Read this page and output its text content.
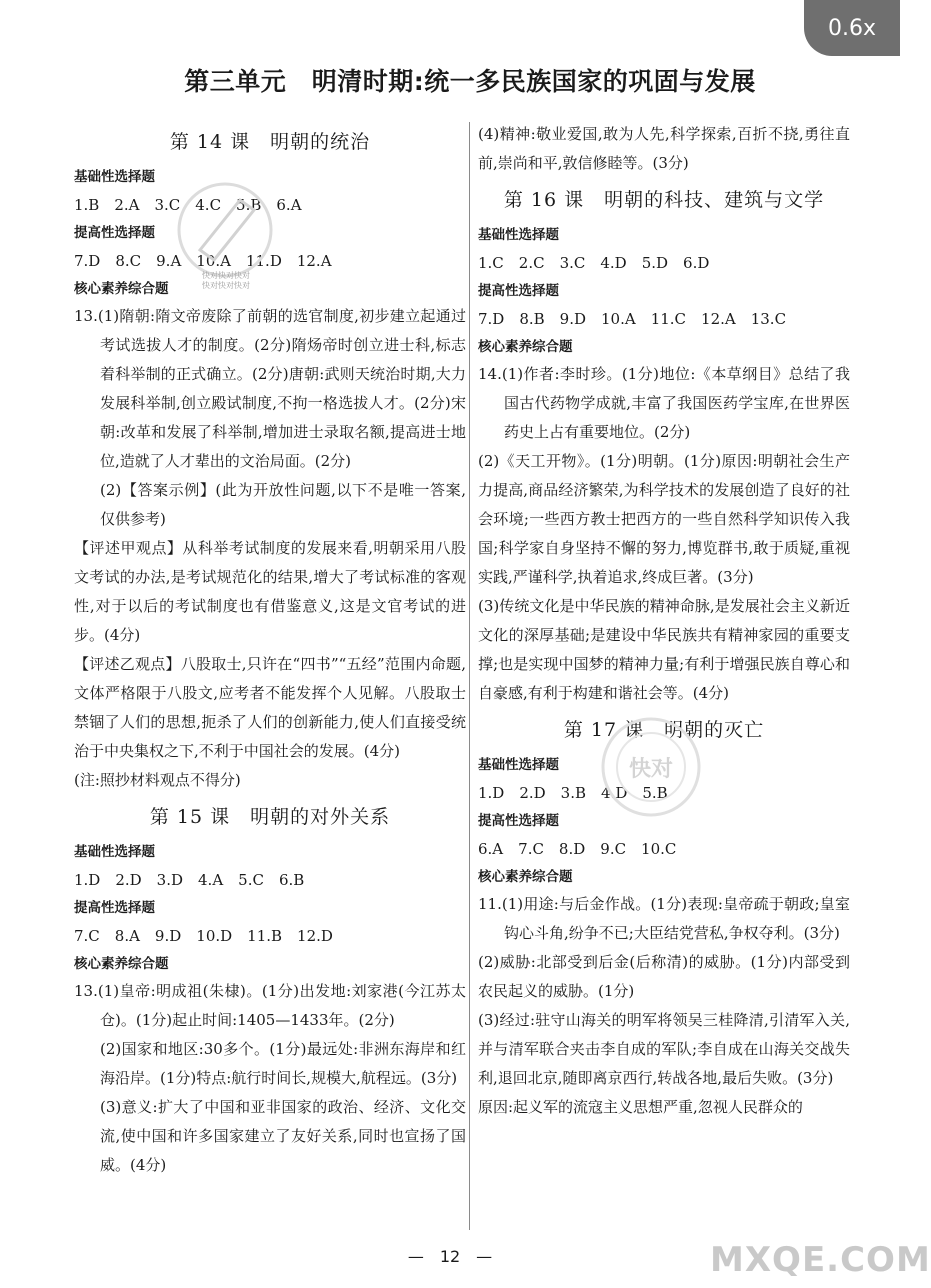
0.6x
第三单元　明清时期:统一多民族国家的巩固与发展
第 14 课　明朝的统治
基础性选择题
1.B　2.A　3.C　4.C　5.B　6.A
提高性选择题
7.D　8.C　9.A　10.A　11.D　12.A
核心素养综合题

13.(1)隋朝:隋文帝废除了前朝的选官制度,初步建立起通过考试选拔人才的制度。(2分)隋炀帝时创立进士科,标志着科举制的正式确立。(2分)唐朝:武则天统治时期,大力发展科举制,创立殿试制度,不拘一格选拔人才。(2分)宋朝:改革和发展了科举制,增加进士录取名额,提高进士地位,造就了人才辈出的文治局面。(2分)

(2)【答案示例】(此为开放性问题,以下不是唯一答案,仅供参考)

【评述甲观点】从科举考试制度的发展来看,明朝采用八股文考试的办法,是考试规范化的结果,增大了考试标准的客观性,对于以后的考试制度也有借鉴意义,这是文官考试的进步。(4分)

【评述乙观点】八股取士,只许在“四书”“五经”范围内命题,文体严格限于八股文,应考者不能发挥个人见解。八股取士禁锢了人们的思想,扼杀了人们的创新能力,使人们直接受统治于中央集权之下,不利于中国社会的发展。(4分)

(注:照抄材料观点不得分)

第 15 课　明朝的对外关系
基础性选择题
1.D　2.D　3.D　4.A　5.C　6.B
提高性选择题
7.C　8.A　9.D　10.D　11.B　12.D
核心素养综合题

13.(1)皇帝:明成祖(朱棣)。(1分)出发地:刘家港(今江苏太仓)。(1分)起止时间:1405—1433年。(2分)

(2)国家和地区:30多个。(1分)最远处:非洲东海岸和红海沿岸。(1分)特点:航行时间长,规模大,航程远。(3分)

(3)意义:扩大了中国和亚非国家的政治、经济、文化交流,使中国和许多国家建立了友好关系,同时也宣扬了国威。(4分)

(4)精神:敬业爱国,敢为人先,科学探索,百折不挠,勇往直前,崇尚和平,敦信修睦等。(3分)

第 16 课　明朝的科技、建筑与文学
基础性选择题
1.C　2.C　3.C　4.D　5.D　6.D
提高性选择题
7.D　8.B　9.D　10.A　11.C　12.A　13.C
核心素养综合题

14.(1)作者:李时珍。(1分)地位:《本草纲目》总结了我国古代药物学成就,丰富了我国医药学宝库,在世界医药史上占有重要地位。(2分)

(2)《天工开物》。(1分)明朝。(1分)原因:明朝社会生产力提高,商品经济繁荣,为科学技术的发展创造了良好的社会环境;一些西方教士把西方的一些自然科学知识传入我国;科学家自身坚持不懈的努力,博览群书,敢于质疑,重视实践,严谨科学,执着追求,终成巨著。(3分)

(3)传统文化是中华民族的精神命脉,是发展社会主义新近文化的深厚基础;是建设中华民族共有精神家园的重要支撑;也是实现中国梦的精神力量;有利于增强民族自尊心和自豪感,有利于构建和谐社会等。(4分)

第 17 课　明朝的灭亡
基础性选择题
1.D　2.D　3.B　4.D　5.B
提高性选择题
6.A　7.C　8.D　9.C　10.C
核心素养综合题

11.(1)用途:与后金作战。(1分)表现:皇帝疏于朝政;皇室钩心斗角,纷争不已;大臣结党营私,争权夺利。(3分)

(2)威胁:北部受到后金(后称清)的威胁。(1分)内部受到农民起义的威胁。(1分)

(3)经过:驻守山海关的明军将领吴三桂降清,引清军入关,并与清军联合夹击李自成的军队;李自成在山海关交战失利,退回北京,随即离京西行,转战各地,最后失败。(3分)

原因:起义军的流寇主义思想严重,忽视人民群众的

—　12　—
快对快对快对
快对快对快对
快对
MXQE.COM
